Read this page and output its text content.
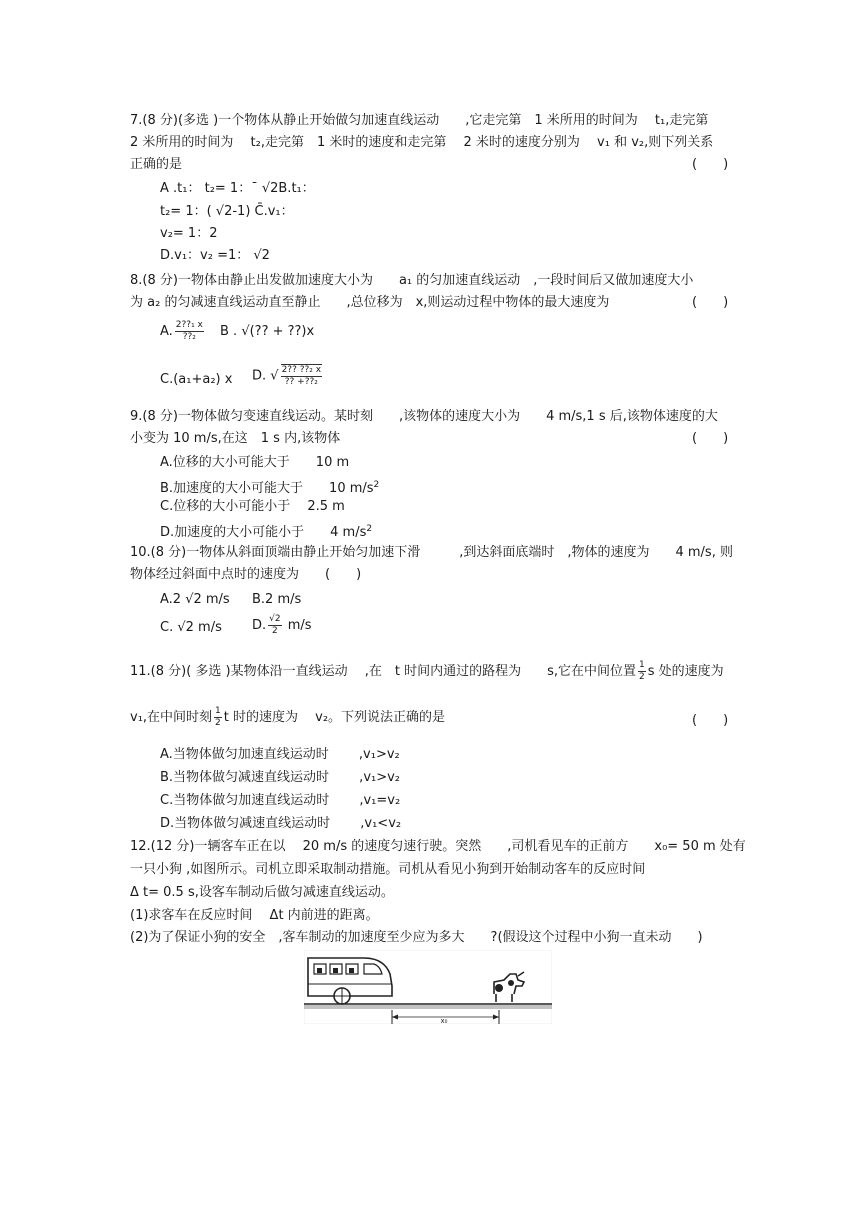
7.(8 分)(多选 )一个物体从静止开始做匀加速直线运动　　,它走完第　1 米所用的时间为　 t₁,走完第
2 米所用的时间为　 t₂,走完第　1 米时的速度和走完第　 2 米时的速度分别为　 v₁ 和 v₂,则下列关系
正确的是	(　　)
A .t₁： t₂= 1：¯ √2B.t₁：
t₂= 1：( √2-1) C̄.v₁：
v₂= 1：2
D.v₁：v₂ =1： √2
8.(8 分)一物体由静止出发做加速度大小为　　a₁ 的匀加速直线运动　,一段时间后又做加速度大小
为 a₂ 的匀减速直线运动直至静止　　,总位移为　x,则运动过程中物体的最大速度为	(　　)
A. $\frac{\text{2??₁ x}}{\text{??₂}}$ B . √(?? + ??)x
C.(a₁+a₂) x D. √ $\frac{\text{2?? ??₂ x}}{\text{?? +??₂}}$
9.(8 分)一物体做匀变速直线运动。某时刻　　,该物体的速度大小为　　4 m/s,1 s 后,该物体速度的大
小变为 10 m/s,在这　1 s 内,该物体	(　　)
A.位移的大小可能大于　　10 m
B.加速度的大小可能大于　　10 $m/s^2$
C.位移的大小可能小于　 2.5 m
D.加速度的大小可能小于　　4 $m/s^2$
10.(8 分)一物体从斜面顶端由静止开始匀加速下滑　　　,到达斜面底端时　,物体的速度为　　4 m/s, 则
物体经过斜面中点时的速度为　　(　　)
A.2 √2 m/s B.2 m/s
C. √2 m/s D. $\frac{√2}{2} m/s$
11.(8 分)( 多选 )某物体沿一直线运动　 ,在　t 时间内通过的路程为　　s,它在中间位置 $\frac{1}{2}$ s 处的速度为
v₁,在中间时刻 $\frac{1}{2}$ t 时的速度为　 v₂。下列说法正确的是	(　　)
A.当物体做匀加速直线运动时　　 ,v₁>v₂
B.当物体做匀减速直线运动时　　 ,v₁>v₂
C.当物体做匀加速直线运动时　　 ,v₁=v₂
D.当物体做匀减速直线运动时　　 ,v₁<v₂
12.(12 分)一辆客车正在以　 20 m/s 的速度匀速行驶。突然　　,司机看见车的正前方　　x₀= 50 m 处有
一只小狗 ,如图所示。司机立即采取制动措施。司机从看见小狗到开始制动客车的反应时间
Δ t= 0.5 s,设客车制动后做匀减速直线运动。
(1)求客车在反应时间　 Δt 内前进的距离。
(2)为了保证小狗的安全　,客车制动的加速度至少应为多大　　?(假设这个过程中小狗一直未动　　)
x₀
